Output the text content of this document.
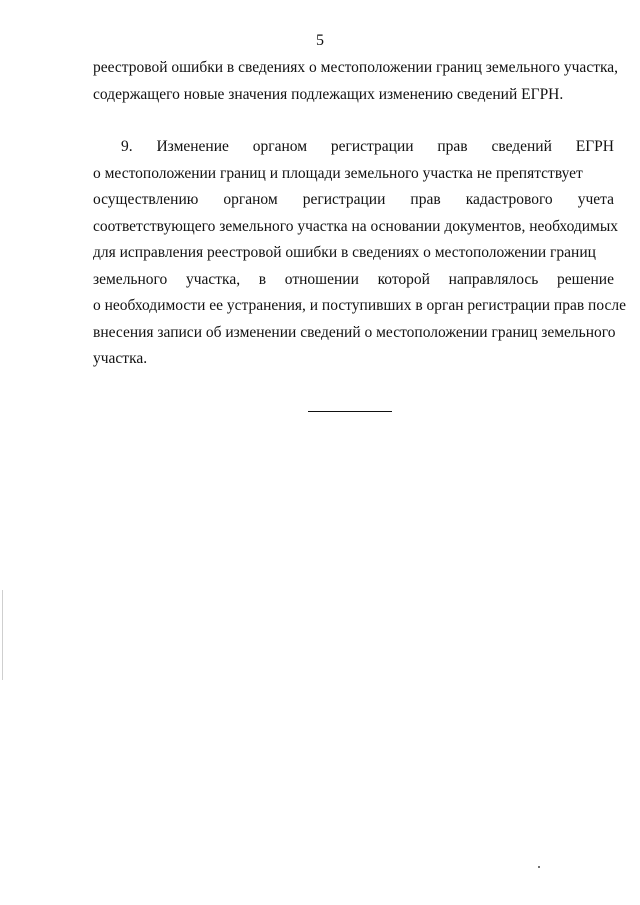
5
реестровой ошибки в сведениях о местоположении границ земельного участка,
содержащего новые значения подлежащих изменению сведений ЕГРН.
9. Изменение органом регистрации прав сведений ЕГРН
о местоположении границ и площади земельного участка не препятствует
осуществлению органом регистрации прав кадастрового учета
соответствующего земельного участка на основании документов, необходимых
для исправления реестровой ошибки в сведениях о местоположении границ
земельного участка, в отношении которой направлялось решение
о необходимости ее устранения, и поступивших в орган регистрации прав после
внесения записи об изменении сведений о местоположении границ земельного
участка.
